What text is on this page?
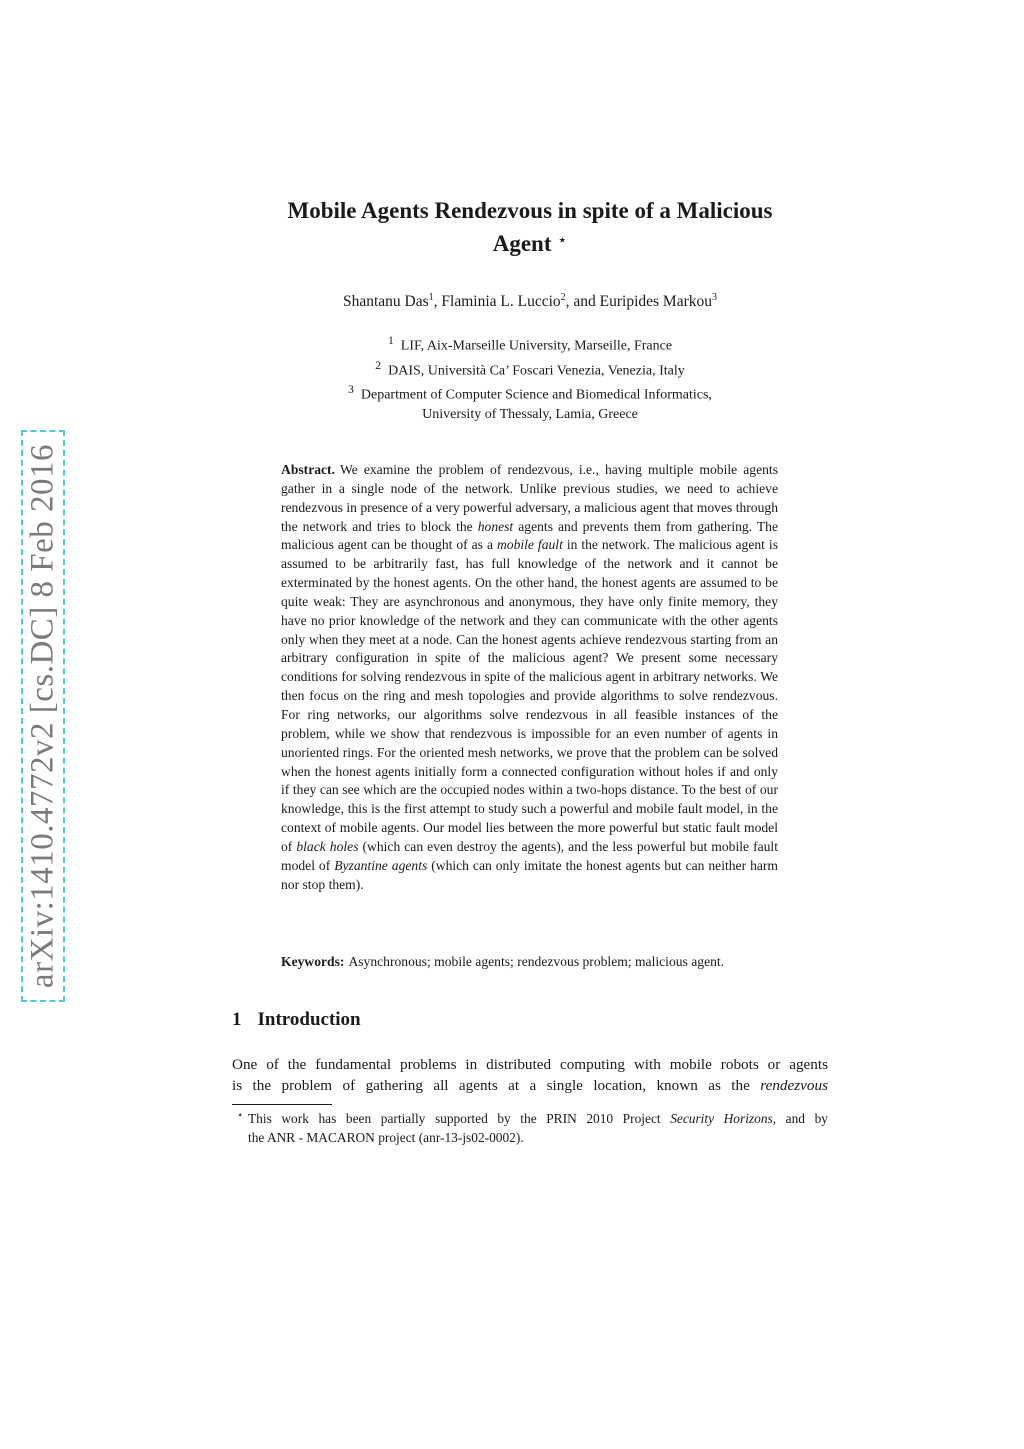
arXiv:1410.4772v2 [cs.DC] 8 Feb 2016
Mobile Agents Rendezvous in spite of a Malicious
Agent ⋆
Shantanu Das$^1$, Flaminia L. Luccio$^2$, and Euripides Markou$^3$
$^1$ LIF, Aix-Marseille University, Marseille, France
$^2$ DAIS, Università Ca’ Foscari Venezia, Venezia, Italy
$^3$ Department of Computer Science and Biomedical Informatics,
University of Thessaly, Lamia, Greece
Abstract. We examine the problem of rendezvous, i.e., having multiple mobile agents gather in a single node of the network. Unlike previous studies, we need to achieve rendezvous in presence of a very powerful adversary, a malicious agent that moves through the network and tries to block the honest agents and prevents them from gathering. The malicious agent can be thought of as a mobile fault in the network. The malicious agent is assumed to be arbitrarily fast, has full knowledge of the network and it cannot be exterminated by the honest agents. On the other hand, the honest agents are assumed to be quite weak: They are asynchronous and anonymous, they have only finite memory, they have no prior knowledge of the network and they can communicate with the other agents only when they meet at a node. Can the honest agents achieve rendezvous starting from an arbitrary configuration in spite of the malicious agent? We present some necessary conditions for solving rendezvous in spite of the malicious agent in arbitrary networks. We then focus on the ring and mesh topologies and provide algorithms to solve rendezvous. For ring networks, our algorithms solve rendezvous in all feasible instances of the problem, while we show that rendezvous is impossible for an even number of agents in unoriented rings. For the oriented mesh networks, we prove that the problem can be solved when the honest agents initially form a connected configuration without holes if and only if they can see which are the occupied nodes within a two-hops distance. To the best of our knowledge, this is the first attempt to study such a powerful and mobile fault model, in the context of mobile agents. Our model lies between the more powerful but static fault model of black holes (which can even destroy the agents), and the less powerful but mobile fault model of Byzantine agents (which can only imitate the honest agents but can neither harm nor stop them).
Keywords: Asynchronous; mobile agents; rendezvous problem; malicious agent.
1 Introduction
One of the fundamental problems in distributed computing with mobile robots or agents
is the problem of gathering all agents at a single location, known as the rendezvous
⋆ This work has been partially supported by the PRIN 2010 Project Security Horizons, and by
the ANR - MACARON project (anr-13-js02-0002).
